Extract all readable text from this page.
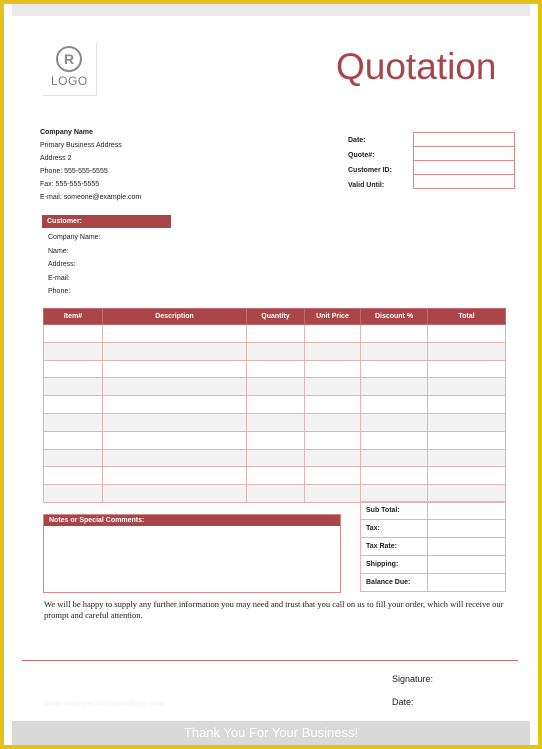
R
LOGO	Quotation
Company Name
Primary Business Address
Address 2
Phone: 555-555-5555
Fax: 555-555-5555
E-mail: someone@example.com
Date:
Quote#:
Customer ID:
Valid Until:
Customer:
Company Name:
Name:
Address:
E-mail:
Phone:
Item#	Description	Quantity	Unit Price	Discount %	Total

Notes or Special Comments:
Sub Total:	
Tax:	
Tax Rate:	
Shipping:	
Balance Due:	
We will be happy to supply any further information you may need and trust that you call on us to fill your order, which will receive our prompt and careful attention.
Signature:
Date:
www.heritagechristiancollege.com
Thank You For Your Business!
